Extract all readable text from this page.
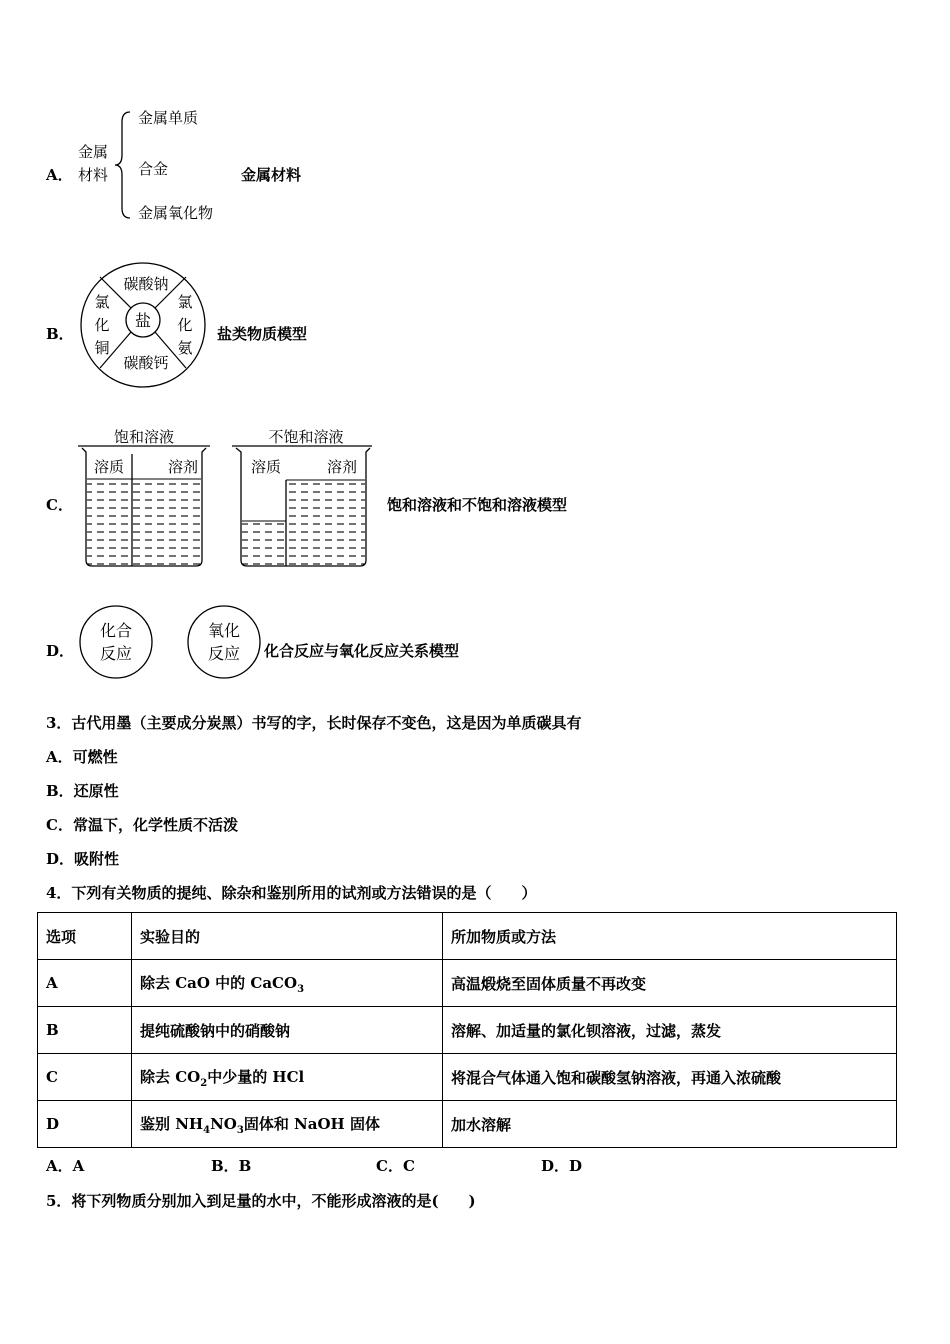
A．
金属
材料
金属单质
合金
金属氧化物
金属材料
B．
盐
碳酸钠
碳酸钙
氯
化
铜
氯
化
氨
盐类物质模型
C．
饱和溶液
溶质	溶剂
不饱和溶液
溶质	溶剂
饱和溶液和不饱和溶液模型
D．
化合
反应
氧化
反应 化合反应与氧化反应关系模型
3．古代用墨（主要成分炭黑）书写的字，长时保存不变色，这是因为单质碳具有
A．可燃性
B．还原性
C．常温下，化学性质不活泼
D．吸附性
4．下列有关物质的提纯、除杂和鉴别所用的试剂或方法错误的是（　　）
选项	实验目的	所加物质或方法
A	除去 CaO 中的 CaCO$_3$	高温煅烧至固体质量不再改变
B	提纯硫酸钠中的硝酸钠	溶解、加适量的氯化钡溶液，过滤，蒸发
C	除去 $CO_2$中少量的 HCl	将混合气体通入饱和碳酸氢钠溶液，再通入浓硫酸
D	鉴别 $NH_4NO_3$固体和 NaOH 固体	加水溶解
A．A	B．B	C．C	D．D
5．将下列物质分别加入到足量的水中，不能形成溶液的是(　　)
